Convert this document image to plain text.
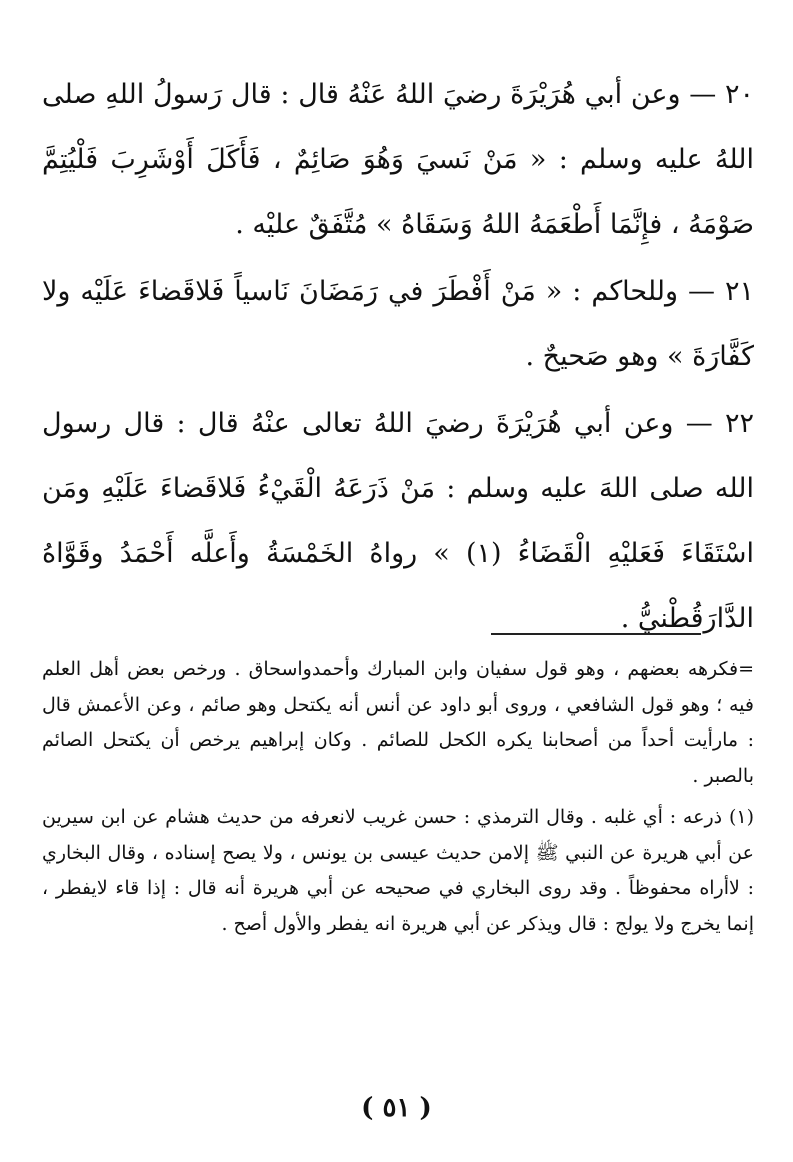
٢٠ — وعن أبي هُرَيْرَةَ رضيَ اللهُ عَنْهُ قال : قال رَسولُ اللهِ صلى اللهُ عليه وسلم : « مَنْ نَسيَ وَهُوَ صَائِمٌ ، فَأَكَلَ أَوْشَرِبَ فَلْيُتِمَّ صَوْمَهُ ، فإِنَّمَا أَطْعَمَهُ اللهُ وَسَقَاهُ » مُتَّفَقٌ عليْه .

٢١ — وللحاكم : « مَنْ أَفْطَرَ في رَمَضَانَ نَاسياً فَلاقَضاءَ عَلَيْه ولا كَفَّارَةَ » وهو صَحيحٌ .

٢٢ — وعن أبي هُرَيْرَةَ رضيَ اللهُ تعالى عنْهُ قال : قال رسول الله صلى اللهَ عليه وسلم : مَنْ ذَرَعَهُ الْقَيْءُ فَلاقَضاءَ عَلَيْهِ ومَن اسْتَقَاءَ فَعَليْهِ الْقَضَاءُ (١) » رواهُ الخَمْسَةُ وأَعلَّه أَحْمَدُ وقَوَّاهُ الدَّارَقُطْنيُّ .

=فكرهه بعضهم ، وهو قول سفيان وابن المبارك وأحمدواسحاق . ورخص بعض أهل العلم فيه ؛ وهو قول الشافعي ، وروى أبو داود عن أنس أنه يكتحل وهو صائم ، وعن الأعمش قال : مارأيت أحداً من أصحابنا يكره الكحل للصائم . وكان إبراهيم يرخص أن يكتحل الصائم بالصبر .

(١) ذرعه : أي غلبه . وقال الترمذي : حسن غريب لانعرفه من حديث هشام عن ابن سيرين عن أبي هريرة عن النبي ﷺ إلامن حديث عيسى بن يونس ، ولا يصح إسناده ، وقال البخاري : لاأراه محفوظاً . وقد روى البخاري في صحيحه عن أبي هريرة أنه قال : إذا قاء لايفطر ، إنما يخرج ولا يولج : قال ويذكر عن أبي هريرة انه يفطر والأول أصح .

( ٥١ )
